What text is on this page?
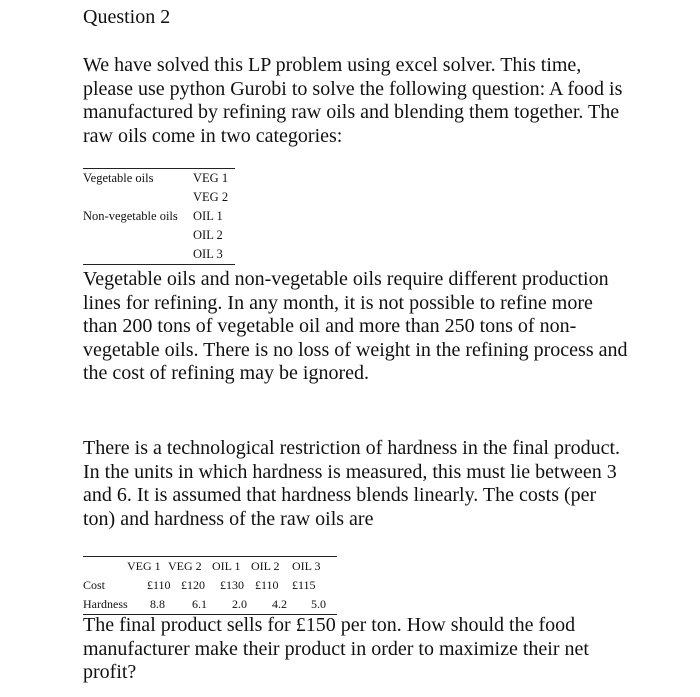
Question 2

We have solved this LP problem using excel solver. This time, please use python Gurobi to solve the following question: A food is manufactured by refining raw oils and blending them together. The raw oils come in two categories:

Vegetable oils	VEG 1
VEG 2
Non-vegetable oils	OIL 1
OIL 2
OIL 3

Vegetable oils and non-vegetable oils require different production lines for refining. In any month, it is not possible to refine more than 200 tons of vegetable oil and more than 250 tons of non-vegetable oils. There is no loss of weight in the refining process and the cost of refining may be ignored.

There is a technological restriction of hardness in the final product. In the units in which hardness is measured, this must lie between 3 and 6. It is assumed that hardness blends linearly. The costs (per ton) and hardness of the raw oils are

VEG 1 VEG 2 OIL 1 OIL 2 OIL 3
Cost	£110 £120 £130 £110 £115
Hardness 8.8 6.1 2.0 4.2 5.0

The final product sells for £150 per ton. How should the food manufacturer make their product in order to maximize their net profit?
